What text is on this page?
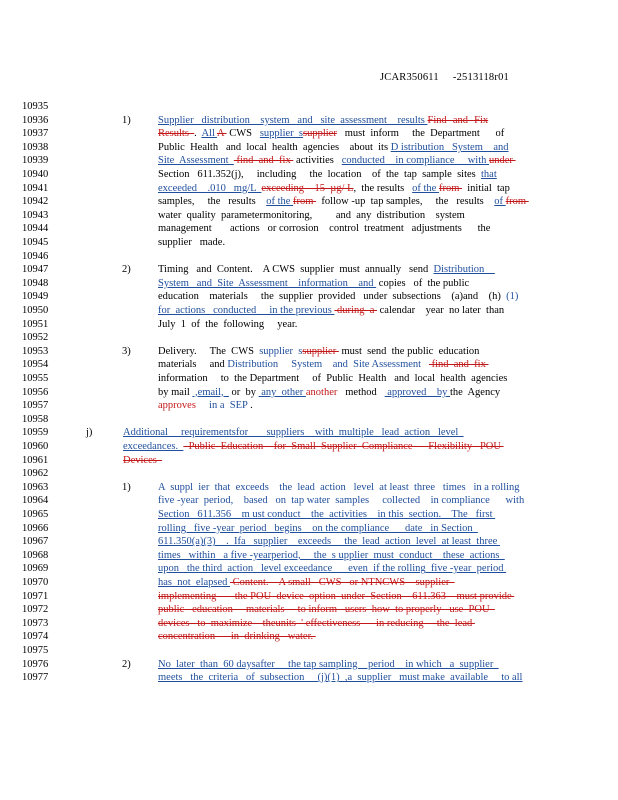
JCAR350611     -2513118r01
10935
10936	1)	Supplier   distribution    system   and   site  assessment    results Find -and -Fix
10937	Results  .  All A  CWS   supplier  ssupplier   must  inform     the  Department      of
10938	Public  Health   and  local  health  agencies    about  its D istribution   System    and
10939	Site  Assessment   find  and  fix  activities   conducted    in compliance     with under
10940	Section   611.352(j),     including     the  location    of  the  tap  sample  sites  that
10941	exceeded    .010   mg/L  exceeding    15  µg/ L,  the results   of the from   initial  tap
10942	samples,     the   results    of the from   follow -up  tap samples,     the   results    of from
10943	water  quality  parametermonitoring,         and  any  distribution    system
10944	management       actions   or corrosion    control  treatment   adjustments      the
10945	supplier   made.
10946
10947	2)	Timing   and  Content.    A CWS  supplier  must  annually   send  Distribution
10948	System   and  Site  Assessment    information    and  copies   of  the public
10949	education    materials     the  supplier  provided   under  subsections    (a)and    (h)  (1)
10950	for  actions   conducted     in the previous  during  a  calendar    year  no later  than
10951	July  1  of  the  following     year.
10952
10953	3)	Delivery.     The  CWS  supplier  ssupplier  must  send  the public  education
10954	materials     and Distribution     System    and  Site Assessment    find  and  fix
10955	information     to  the Department     of  Public  Health   and  local  health  agencies
10956	by mail  ,email,   or  by  any  other another   method    approved    by the  Agency
10957	approves     in a  SEP .
10958
10959	j)	Additional     requirementsfor       suppliers    with  multiple   lead  action   level
10960	exceedances.    Public  Education    for  Small  Supplier  Compliance      Flexibility   POU
10961	Devices
10962
10963	1)	A  suppl  ier  that  exceeds    the  lead  action   level  at least  three   times   in a rolling
10964	five -year  period,    based   on  tap water  samples     collected    in compliance      with
10965	Section   611.356    m ust conduct    the  activities    in this  section.    The   first
10966	rolling   five -year  period   begins    on the compliance      date   in Section
10967	611.350(a)(3)    .  Ifa   supplier    exceeds     the  lead  action  level  at least  three
10968	times   within   a five -yearperiod,     the  s upplier  must  conduct    these  actions
10969	upon   the third  action   level exceedance      even  if the rolling  five -year  period
10970	has  not  elapsed  Content.    A small   CWS   or NTNCWS    supplier
10971	implementing       the POU  device  option  under  Section    611.363    must provide
10972	public   education     materials     to inform   users  how  to properly   use  POU
10973	devices   to  maximize    theunits  ' effectiveness      in reducing     the  lead
10974	concentration      in  drinking   water.
10975
10976	2)	No  later  than  60 daysafter     the tap sampling    period    in which   a  supplier
10977	meets   the  criteria   of  subsection     (j)(1)  ,a  supplier   must make  available     to all
